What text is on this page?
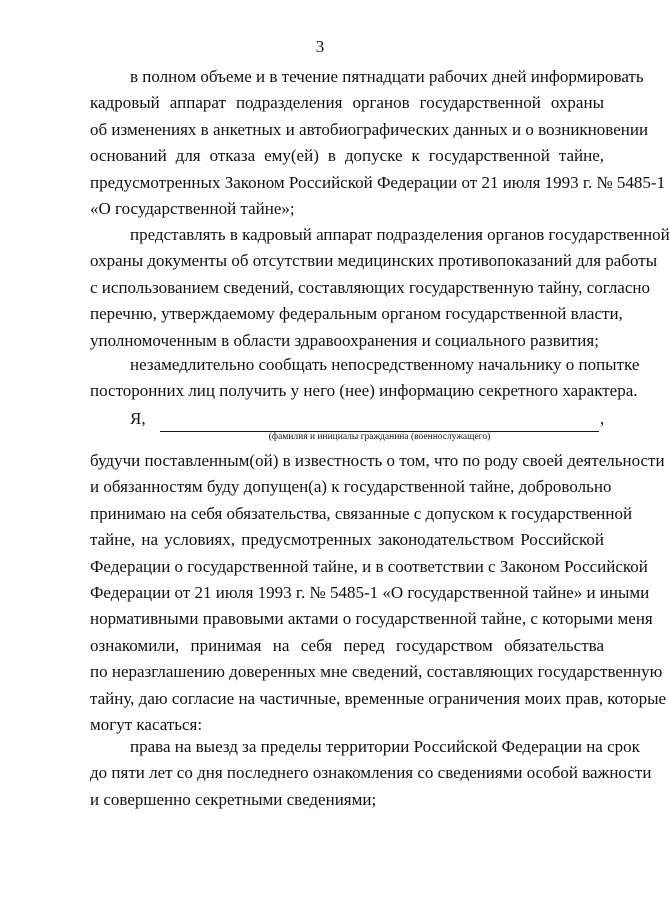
3
в полном объеме и в течение пятнадцати рабочих дней информировать
кадровый аппарат подразделения органов государственной охраны
об изменениях в анкетных и автобиографических данных и о возникновении
оснований для отказа ему(ей) в допуске к государственной тайне,
предусмотренных Законом Российской Федерации от 21 июля 1993 г. № 5485-1
«О государственной тайне»;
представлять в кадровый аппарат подразделения органов государственной
охраны документы об отсутствии медицинских противопоказаний для работы
с использованием сведений, составляющих государственную тайну, согласно
перечню, утверждаемому федеральным органом государственной власти,
уполномоченным в области здравоохранения и социального развития;
незамедлительно сообщать непосредственному начальнику о попытке
посторонних лиц получить у него (нее) информацию секретного характера.
Я,	,
(фамилия и инициалы гражданина (военнослужащего)
будучи поставленным(ой) в известность о том, что по роду своей деятельности
и обязанностям буду допущен(а) к государственной тайне, добровольно
принимаю на себя обязательства, связанные с допуском к государственной
тайне, на условиях, предусмотренных законодательством Российской
Федерации о государственной тайне, и в соответствии с Законом Российской
Федерации от 21 июля 1993 г. № 5485-1 «О государственной тайне» и иными
нормативными правовыми актами о государственной тайне, с которыми меня
ознакомили, принимая на себя перед государством обязательства
по неразглашению доверенных мне сведений, составляющих государственную
тайну, даю согласие на частичные, временные ограничения моих прав, которые
могут касаться:
права на выезд за пределы территории Российской Федерации на срок
до пяти лет со дня последнего ознакомления со сведениями особой важности
и совершенно секретными сведениями;
